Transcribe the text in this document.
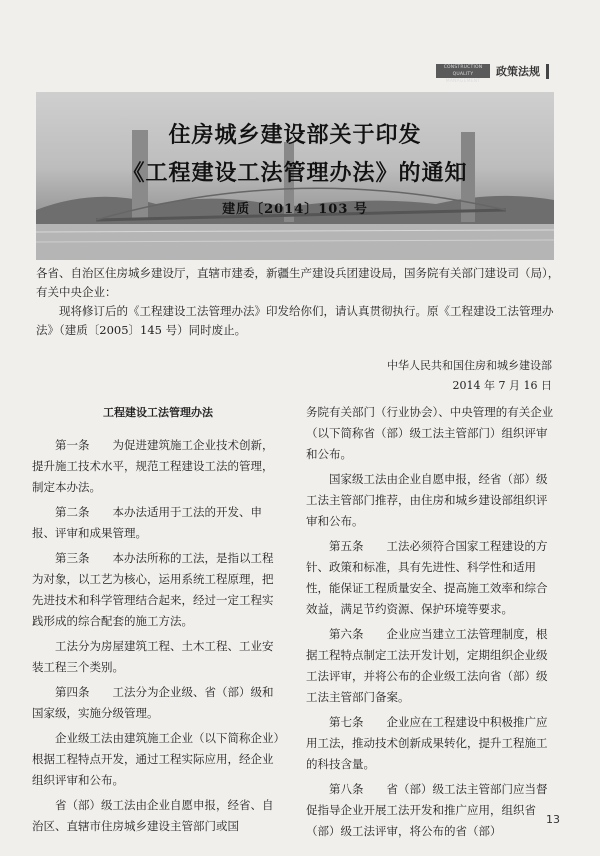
CONSTRUCTION QUALITY MANAGEMENT
政策法规
住房城乡建设部关于印发
《工程建设工法管理办法》的通知
建质〔2014〕103 号
各省、自治区住房城乡建设厅，直辖市建委，新疆生产建设兵团建设局，国务院有关部门建设司（局），有关中央企业：
现将修订后的《工程建设工法管理办法》印发给你们，请认真贯彻执行。原《工程建设工法管理办法》（建质〔2005〕145 号）同时废止。
中华人民共和国住房和城乡建设部
2014 年 7 月 16 日

工程建设工法管理办法

第一条　　为促进建筑施工企业技术创新，提升施工技术水平，规范工程建设工法的管理，制定本办法。

第二条　　本办法适用于工法的开发、申报、评审和成果管理。

第三条　　本办法所称的工法，是指以工程为对象，以工艺为核心，运用系统工程原理，把先进技术和科学管理结合起来，经过一定工程实践形成的综合配套的施工方法。

工法分为房屋建筑工程、土木工程、工业安装工程三个类别。

第四条　　工法分为企业级、省（部）级和国家级，实施分级管理。

企业级工法由建筑施工企业（以下简称企业）根据工程特点开发，通过工程实际应用，经企业组织评审和公布。

省（部）级工法由企业自愿申报，经省、自治区、直辖市住房城乡建设主管部门或国

务院有关部门（行业协会）、中央管理的有关企业（以下简称省（部）级工法主管部门）组织评审和公布。

国家级工法由企业自愿申报，经省（部）级工法主管部门推荐，由住房和城乡建设部组织评审和公布。

第五条　　工法必须符合国家工程建设的方针、政策和标准，具有先进性、科学性和适用性，能保证工程质量安全、提高施工效率和综合效益，满足节约资源、保护环境等要求。

第六条　　企业应当建立工法管理制度，根据工程特点制定工法开发计划，定期组织企业级工法评审，并将公布的企业级工法向省（部）级工法主管部门备案。

第七条　　企业应在工程建设中积极推广应用工法，推动技术创新成果转化，提升工程施工的科技含量。

第八条　　省（部）级工法主管部门应当督促指导企业开展工法开发和推广应用，组织省（部）级工法评审，将公布的省（部）

13
